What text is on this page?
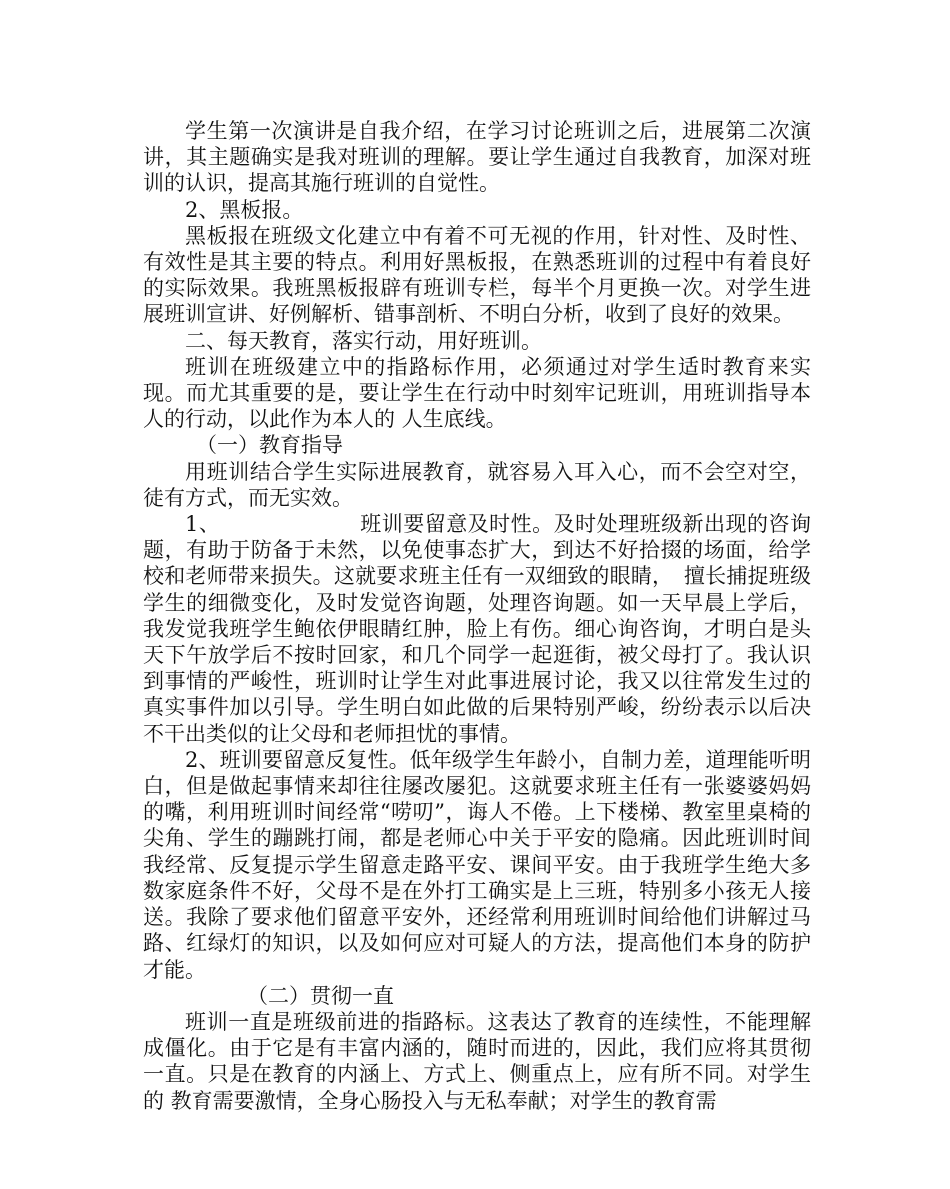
学生第一次演讲是自我介绍，在学习讨论班训之后，进展第二次演讲，其主题确实是我对班训的理解。要让学生通过自我教育，加深对班训的认识，提高其施行班训的自觉性。

2、黑板报。

黑板报在班级文化建立中有着不可无视的作用，针对性、及时性、有效性是其主要的特点。利用好黑板报，在熟悉班训的过程中有着良好的实际效果。我班黑板报辟有班训专栏，每半个月更换一次。对学生进展班训宣讲、好例解析、错事剖析、不明白分析，收到了良好的效果。

二、每天教育，落实行动，用好班训。

班训在班级建立中的指路标作用，必须通过对学生适时教育来实现。而尤其重要的是，要让学生在行动中时刻牢记班训，用班训指导本人的行动，以此作为本人的 人生底线。

（一）教育指导

用班训结合学生实际进展教育，就容易入耳入心，而不会空对空，徒有方式，而无实效。

1、　　　　　　　班训要留意及时性。及时处理班级新出现的咨询题，有助于防备于未然，以免使事态扩大，到达不好拾掇的场面，给学校和老师带来损失。这就要求班主任有一双细致的眼睛，　擅长捕捉班级学生的细微变化，及时发觉咨询题，处理咨询题。如一天早晨上学后，我发觉我班学生鲍依伊眼睛红肿，脸上有伤。细心询咨询，才明白是头天下午放学后不按时回家，和几个同学一起逛街，被父母打了。我认识到事情的严峻性，班训时让学生对此事进展讨论，我又以往常发生过的真实事件加以引导。学生明白如此做的后果特别严峻，纷纷表示以后决不干出类似的让父母和老师担忧的事情。

2、班训要留意反复性。低年级学生年龄小，自制力差，道理能听明白，但是做起事情来却往往屡改屡犯。这就要求班主任有一张婆婆妈妈的嘴，利用班训时间经常“唠叨”，诲人不倦。上下楼梯、教室里桌椅的尖角、学生的蹦跳打闹，都是老师心中关于平安的隐痛。因此班训时间我经常、反复提示学生留意走路平安、课间平安。由于我班学生绝大多数家庭条件不好，父母不是在外打工确实是上三班，特别多小孩无人接送。我除了要求他们留意平安外，还经常利用班训时间给他们讲解过马路、红绿灯的知识，以及如何应对可疑人的方法，提高他们本身的防护才能。

（二）贯彻一直

班训一直是班级前进的指路标。这表达了教育的连续性，不能理解成僵化。由于它是有丰富内涵的，随时而进的，因此，我们应将其贯彻一直。只是在教育的内涵上、方式上、侧重点上，应有所不同。对学生的 教育需要激情，全身心肠投入与无私奉献；对学生的教育需
